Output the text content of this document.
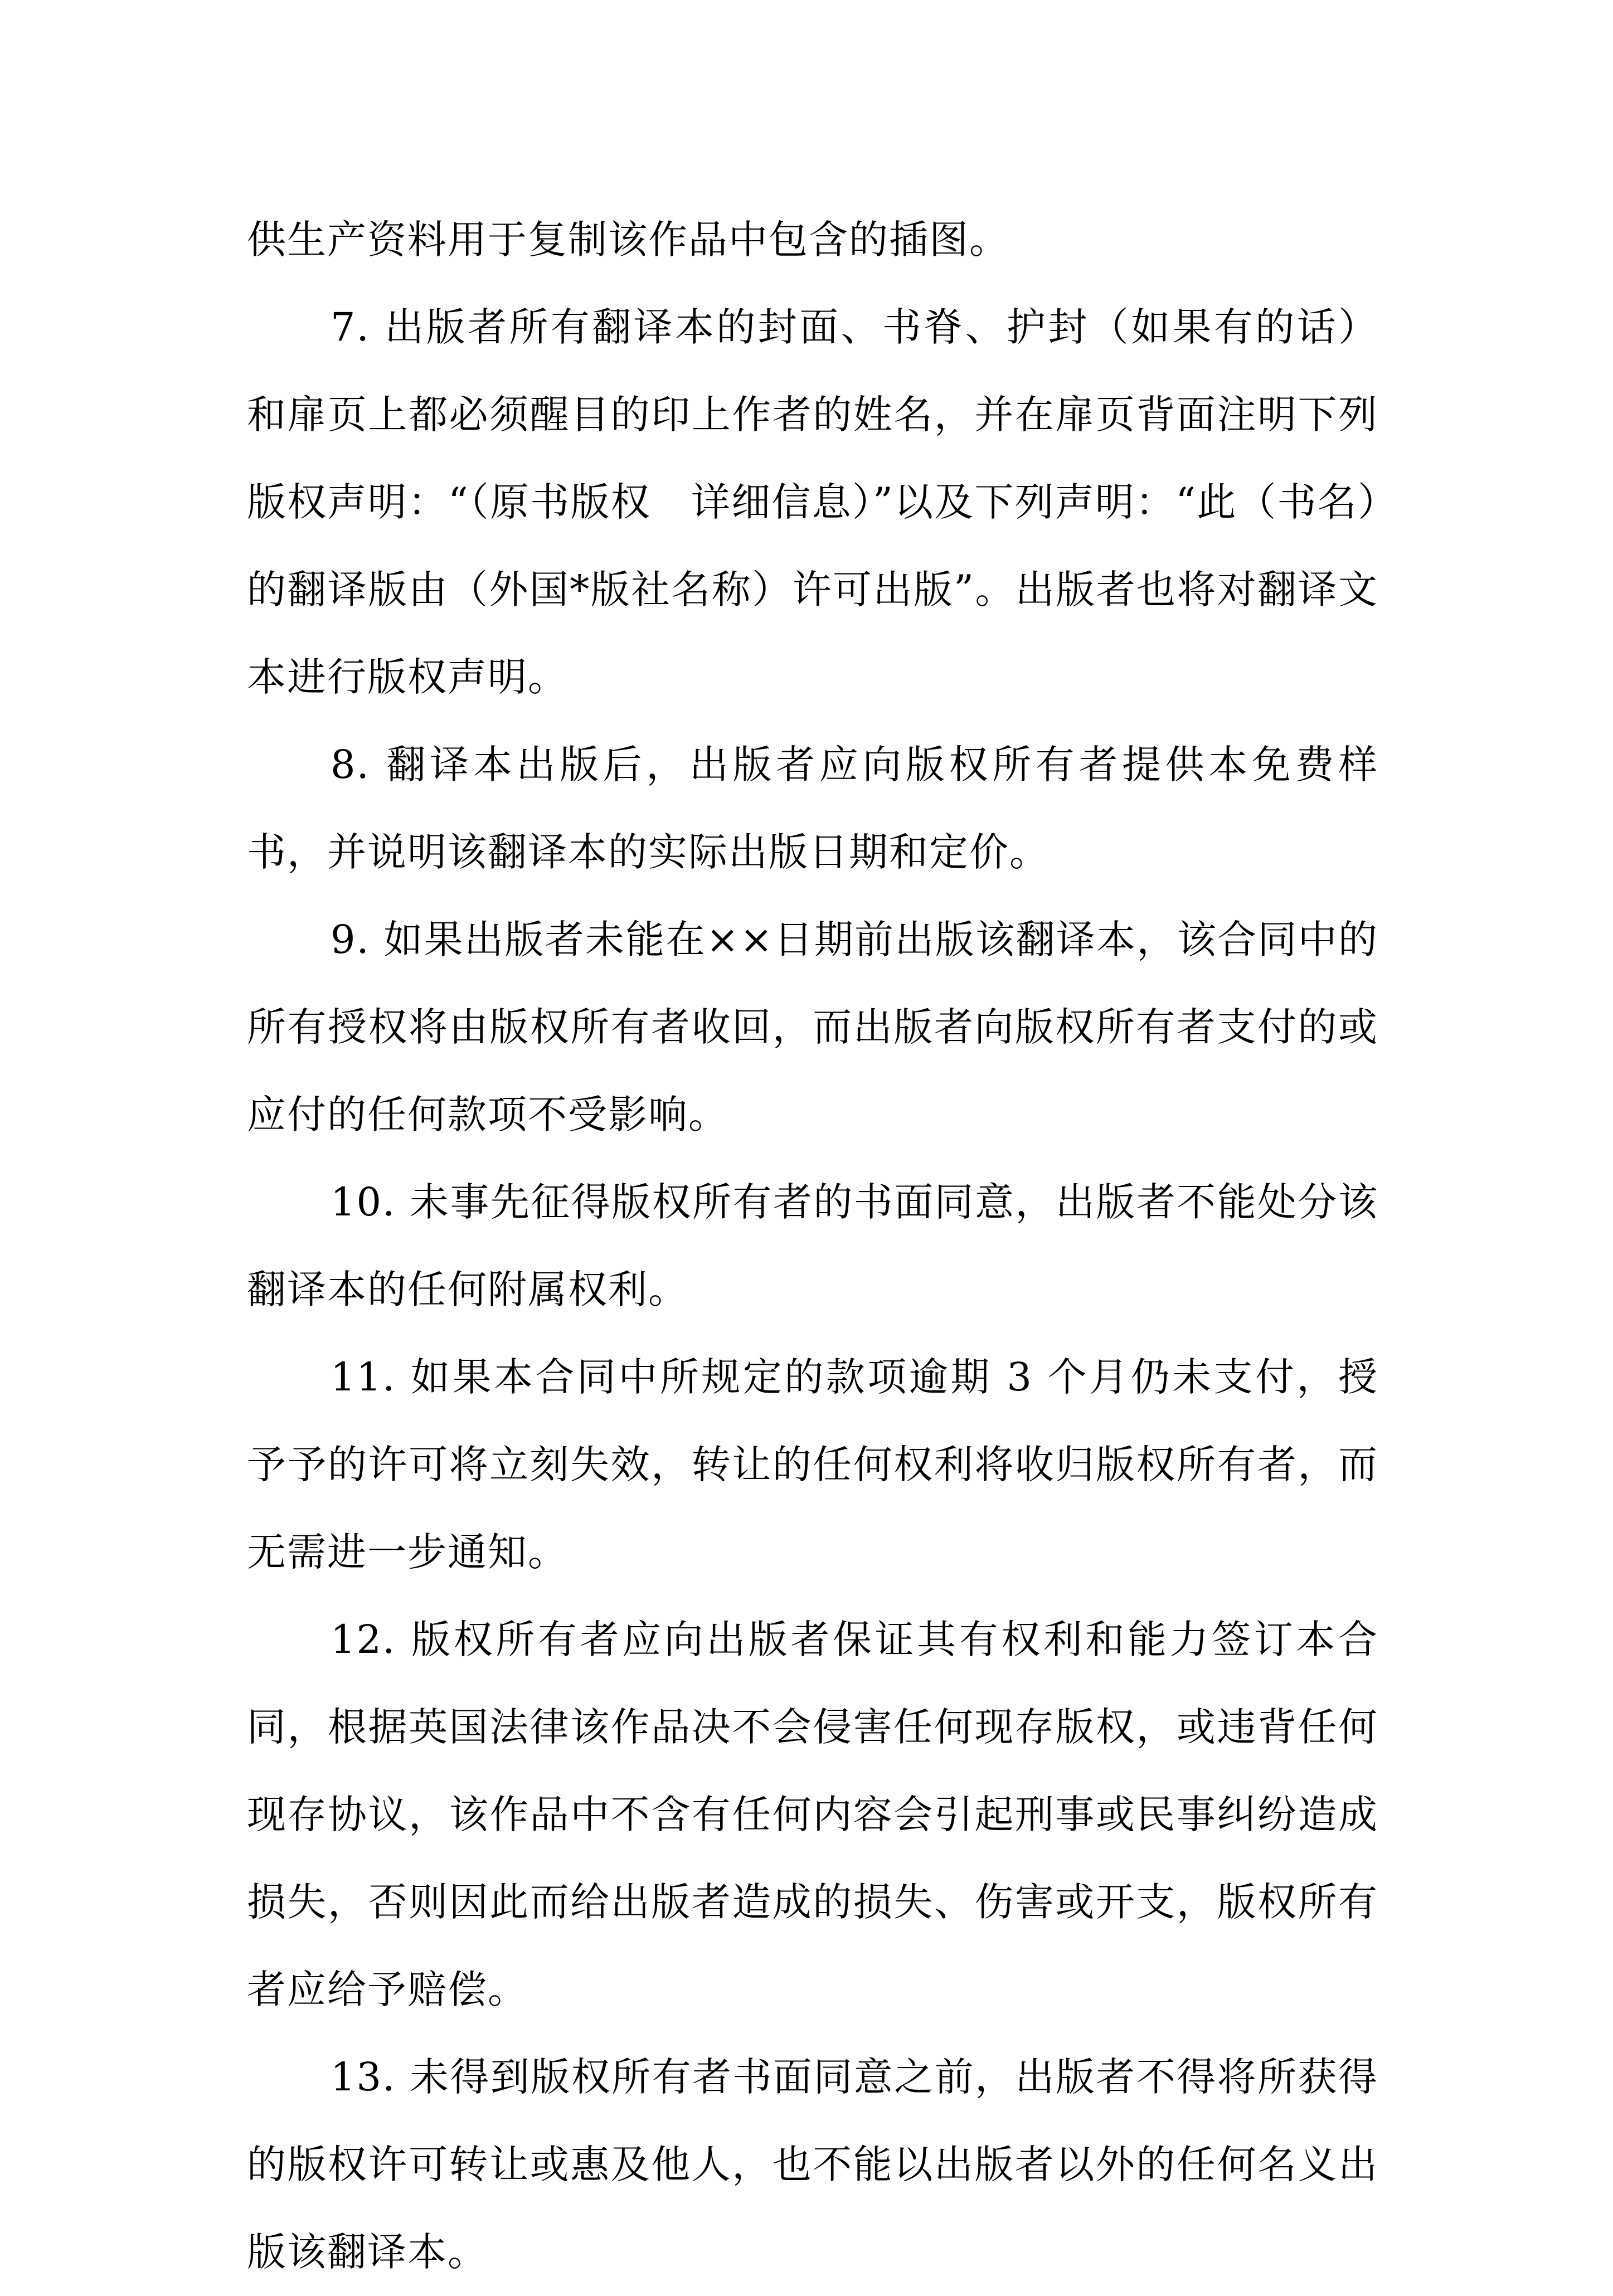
供生产资料用于复制该作品中包含的插图。

7. 出版者所有翻译本的封面、书脊、护封（如果有的话）和扉页上都必须醒目的印上作者的姓名，并在扉页背面注明下列版权声明：“（原书版权　详细信息）”以及下列声明：“此（书名）的翻译版由（外国*版社名称）许可出版”。出版者也将对翻译文本进行版权声明。

8. 翻译本出版后，出版者应向版权所有者提供本免费样书，并说明该翻译本的实际出版日期和定价。

9. 如果出版者未能在××日期前出版该翻译本，该合同中的所有授权将由版权所有者收回，而出版者向版权所有者支付的或应付的任何款项不受影响。

10. 未事先征得版权所有者的书面同意，出版者不能处分该翻译本的任何附属权利。

11. 如果本合同中所规定的款项逾期 3 个月仍未支付，授予予的许可将立刻失效，转让的任何权利将收归版权所有者，而无需进一步通知。

12. 版权所有者应向出版者保证其有权利和能力签订本合同，根据英国法律该作品决不会侵害任何现存版权，或违背任何现存协议，该作品中不含有任何内容会引起刑事或民事纠纷造成损失，否则因此而给出版者造成的损失、伤害或开支，版权所有者应给予赔偿。

13. 未得到版权所有者书面同意之前，出版者不得将所获得的版权许可转让或惠及他人，也不能以出版者以外的任何名义出版该翻译本。
